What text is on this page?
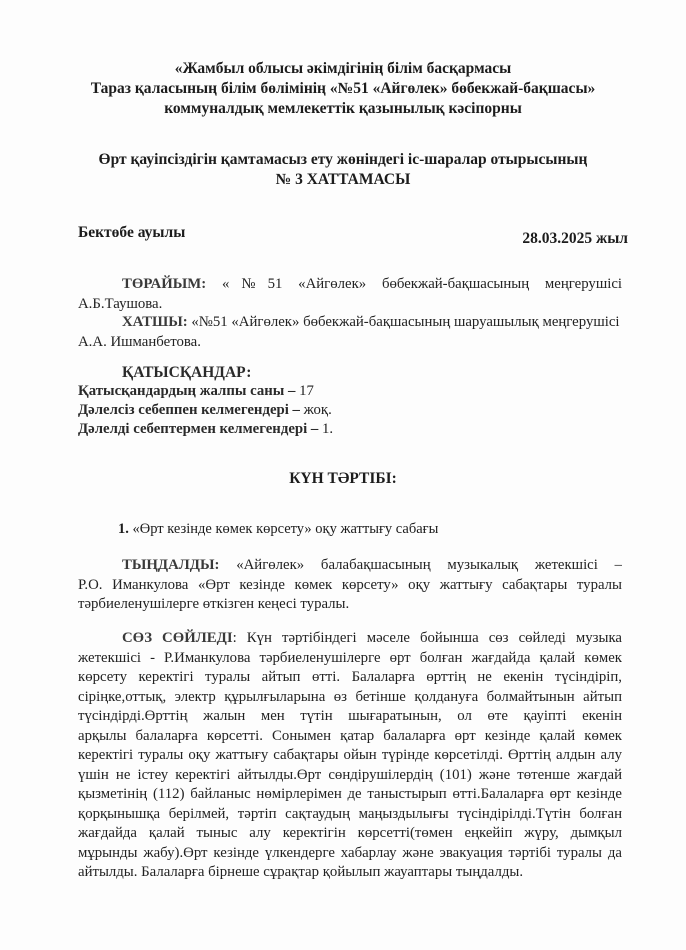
«Жамбыл облысы әкімдігінің білім басқармасы
Тараз қаласының білім бөлімінің «№51 «Айгөлек» бөбекжай-бақшасы»
коммуналдық мемлекеттік қазынылық кәсіпорны
Өрт қауіпсіздігін қамтамасыз ету жөніндегі іс-шаралар отырысының
№ 3 ХАТТАМАСЫ
Бектөбе ауылы	28.03.2025 жыл
ТӨРАЙЫМ: «№51 «Айгөлек» бөбекжай-бақшасының меңгерушісі
А.Б.Таушова.
ХАТШЫ: «№51 «Айгөлек» бөбекжай-бақшасының шаруашылық меңгерушісі
А.А. Ишманбетова.
ҚАТЫСҚАНДАР:
Қатысқандардың жалпы саны – 17
Дәлелсіз себеппен келмегендері – жоқ.
Дәлелді себептермен келмегендері – 1.
КҮН ТӘРТІБІ:
1. «Өрт кезінде көмек көрсету» оқу жаттығу сабағы
ТЫҢДАЛДЫ: «Айгөлек» балабақшасының музыкалық жетекшісі –
Р.О. Иманкулова «Өрт кезінде көмек көрсету» оқу жаттығу сабақтары туралы
тәрбиеленушілерге өткізген кеңесі туралы.
СӨЗ СӨЙЛЕДІ: Күн тәртібіндегі мәселе бойынша сөз сөйледі музыка
жетекшісі - Р.Иманкулова тәрбиеленушілерге өрт болған жағдайда қалай көмек
көрсету керектігі туралы айтып өтті. Балаларға өрттің не екенін түсіндіріп,
сіріңке,оттық, электр құрылғыларына өз бетінше қолдануға болмайтынын айтып
түсіндірді.Өрттің жалын мен түтін шығаратынын, ол өте қауіпті екенін
арқылы балаларға көрсетті. Сонымен қатар балаларға өрт кезінде қалай көмек
керектігі туралы оқу жаттығу сабақтары ойын түрінде көрсетілді. Өрттің алдын алу
үшін не істеу керектігі айтылды.Өрт сөндірушілердің (101) және төтенше жағдай
қызметінің (112) байланыс нөмірлерімен де таныстырып өтті.Балаларға өрт кезінде
қорқынышқа берілмей, тәртіп сақтаудың маңыздылығы түсіндірілді.Түтін болған
жағдайда қалай тыныс алу керектігін көрсетті(төмен еңкейіп жүру, дымқыл
мұрынды жабу).Өрт кезінде үлкендерге хабарлау және эвакуация тәртібі туралы да
айтылды. Балаларға бірнеше сұрақтар қойылып жауаптары тыңдалды.
